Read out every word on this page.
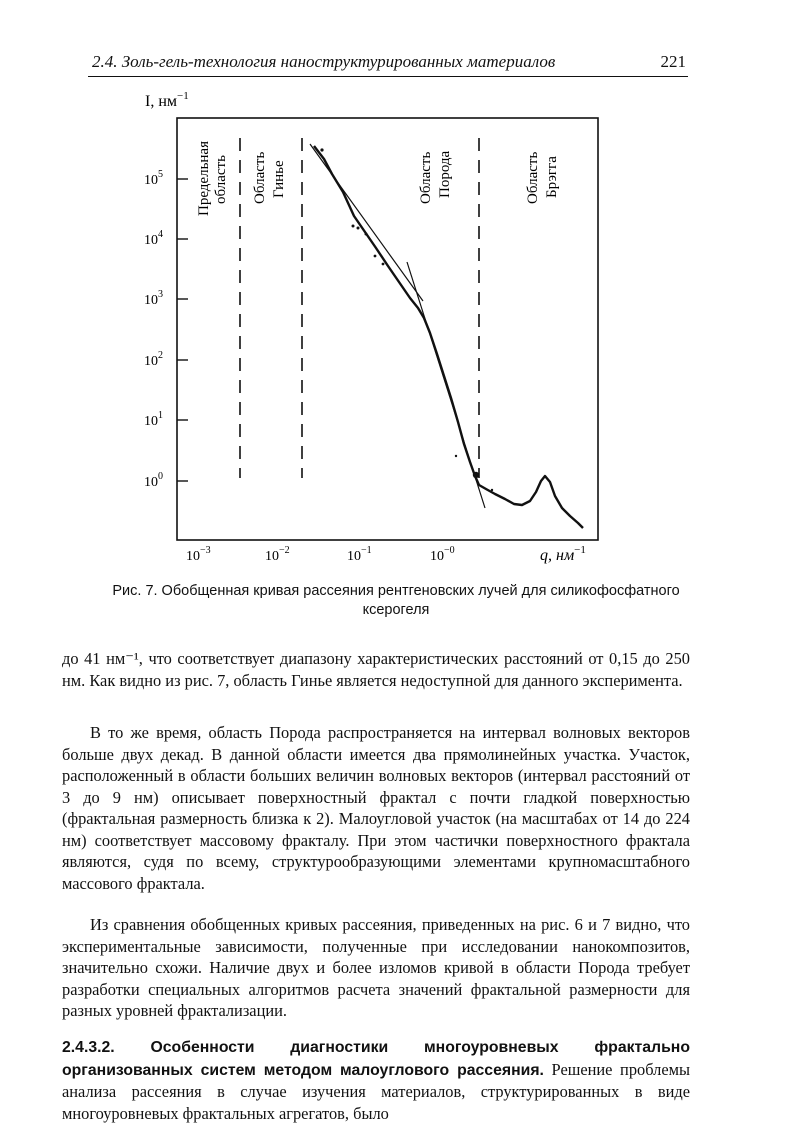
2.4. Золь-гель-технология наноструктурированных материалов	221
I, $нм^{-1}$
$10^0$
$10^1$
$10^2$
$10^3$
$10^4$
$10^5$
$10^{-3}$	$10^{-2}$	$10^{-1}$	$10^{-0}$	q, $нм^{-1}$
Предельная область Область Гинье	Область Порода	Область Брэгга
Рис. 7. Обобщенная кривая рассеяния рентгеновских лучей для силикофосфатного ксерогеля

до 41 нм⁻¹, что соответствует диапазону характеристических расстояний от 0,15 до 250 нм. Как видно из рис. 7, область Гинье является недоступной для данного эксперимента.

В то же время, область Порода распространяется на интервал волновых векторов больше двух декад. В данной области имеется два прямолинейных участка. Участок, расположенный в области больших величин волновых векторов (интервал расстояний от 3 до 9 нм) описывает поверхностный фрактал с почти гладкой поверхностью (фрактальная размерность близка к 2). Малоугловой участок (на масштабах от 14 до 224 нм) соответствует массовому фракталу. При этом частички поверхностного фрактала являются, судя по всему, структурообразующими элементами крупномасштабного массового фрактала.

Из сравнения обобщенных кривых рассеяния, приведенных на рис. 6 и 7 видно, что экспериментальные зависимости, полученные при исследовании нанокомпозитов, значительно схожи. Наличие двух и более изломов кривой в области Порода требует разработки специальных алгоритмов расчета значений фрактальной размерности для разных уровней фрактализации.

2.4.3.2. Особенности диагностики многоуровневых фрактально организованных систем методом малоуглового рассеяния. Решение проблемы анализа рассеяния в случае изучения материалов, структурированных в виде многоуровневых фрактальных агрегатов, было
